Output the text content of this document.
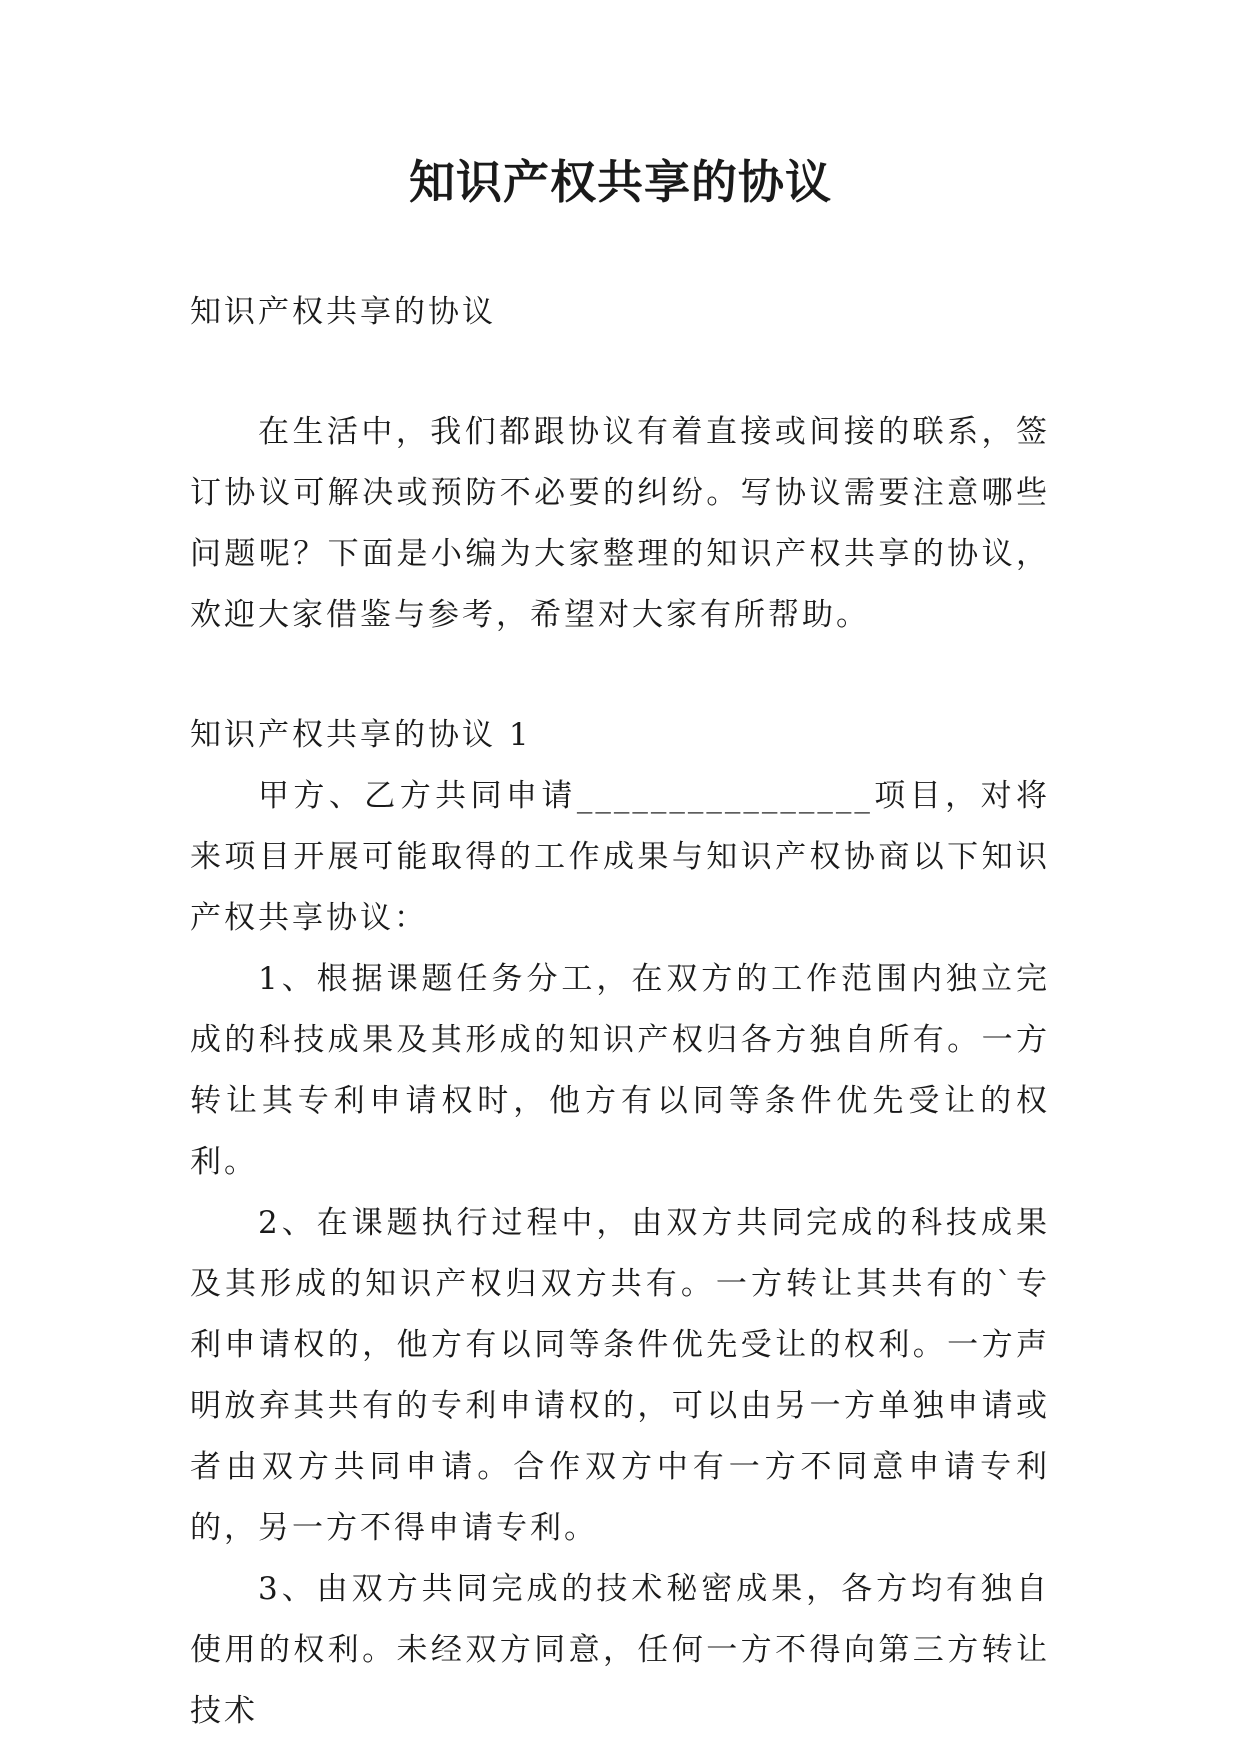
知识产权共享的协议

知识产权共享的协议

在生活中，我们都跟协议有着直接或间接的联系，签订协议可解决或预防不必要的纠纷。写协议需要注意哪些问题呢？下面是小编为大家整理的知识产权共享的协议，欢迎大家借鉴与参考，希望对大家有所帮助。

知识产权共享的协议 1

甲方、乙方共同申请________________项目，对将来项目开展可能取得的工作成果与知识产权协商以下知识产权共享协议：

1、根据课题任务分工，在双方的工作范围内独立完成的科技成果及其形成的知识产权归各方独自所有。一方转让其专利申请权时，他方有以同等条件优先受让的权利。

2、在课题执行过程中，由双方共同完成的科技成果及其形成的知识产权归双方共有。一方转让其共有的`专利申请权的，他方有以同等条件优先受让的权利。一方声明放弃其共有的专利申请权的，可以由另一方单独申请或者由双方共同申请。合作双方中有一方不同意申请专利的，另一方不得申请专利。

3、由双方共同完成的技术秘密成果，各方均有独自使用的权利。未经双方同意，任何一方不得向第三方转让技术
